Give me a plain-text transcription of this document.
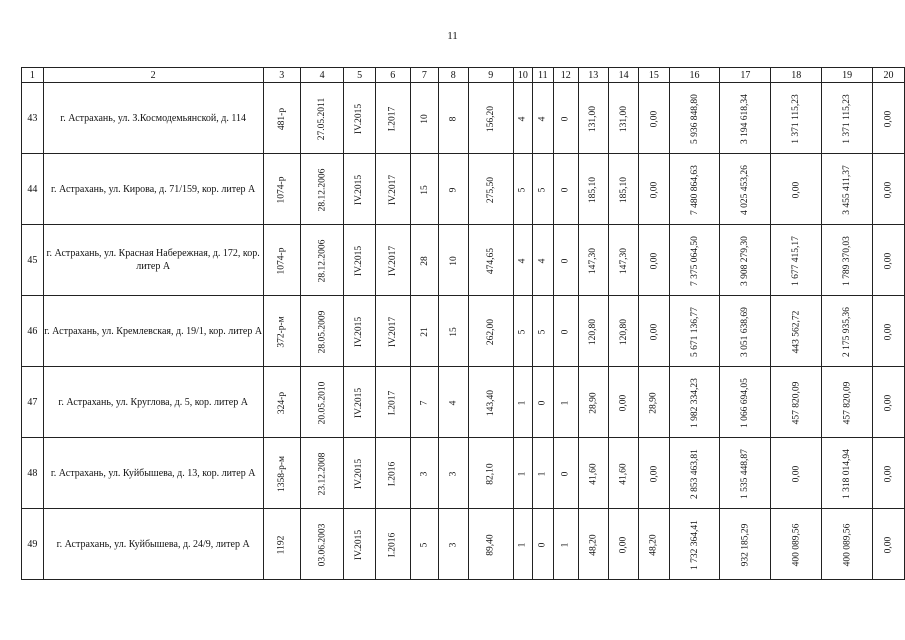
11
1	2	3	4	5	6	7	8	9	10	11	12	13	14	15	16	17	18	19	20
43	г. Астрахань, ул. З.Космодемьянской, д. 114	481-р	27.05.2011	IV.2015	I.2017	10	8	156,20	4	4	0	131,00	131,00	0,00	5 936 848,80	3 194 618,34	1 371 115,23	1 371 115,23	0,00
44	г. Астрахань, ул. Кирова, д. 71/159, кор. литер А	1074-р	28.12.2006	IV.2015	IV.2017	15	9	275,50	5	5	0	185,10	185,10	0,00	7 480 864,63	4 025 453,26	0,00	3 455 411,37	0,00
45	г. Астрахань, ул. Красная Набережная, д. 172, кор. литер А	1074-р	28.12.2006	IV.2015	IV.2017	28	10	474,65	4	4	0	147,30	147,30	0,00	7 375 064,50	3 908 279,30	1 677 415,17	1 789 370,03	0,00
46	г. Астрахань, ул. Кремлевская, д. 19/1, кор. литер А	372-р-м	28.05.2009	IV.2015	IV.2017	21	15	262,00	5	5	0	120,80	120,80	0,00	5 671 136,77	3 051 638,69	443 562,72	2 175 935,36	0,00
47	г. Астрахань, ул. Круглова, д. 5, кор. литер А	324-р	20.05.2010	IV.2015	I.2017	7	4	143,40	1	0	1	28,90	0,00	28,90	1 982 334,23	1 066 694,05	457 820,09	457 820,09	0,00
48	г. Астрахань, ул. Куйбышева, д. 13, кор. литер А	1358-р-м	23.12.2008	IV.2015	I.2016	3	3	82,10	1	1	0	41,60	41,60	0,00	2 853 463,81	1 535 448,87	0,00	1 318 014,94	0,00
49	г. Астрахань, ул. Куйбышева, д. 24/9, литер А	1192	03.06.2003	IV.2015	I.2016	5	3	89,40	1	0	1	48,20	0,00	48,20	1 732 364,41	932 185,29	400 089,56	400 089,56	0,00
